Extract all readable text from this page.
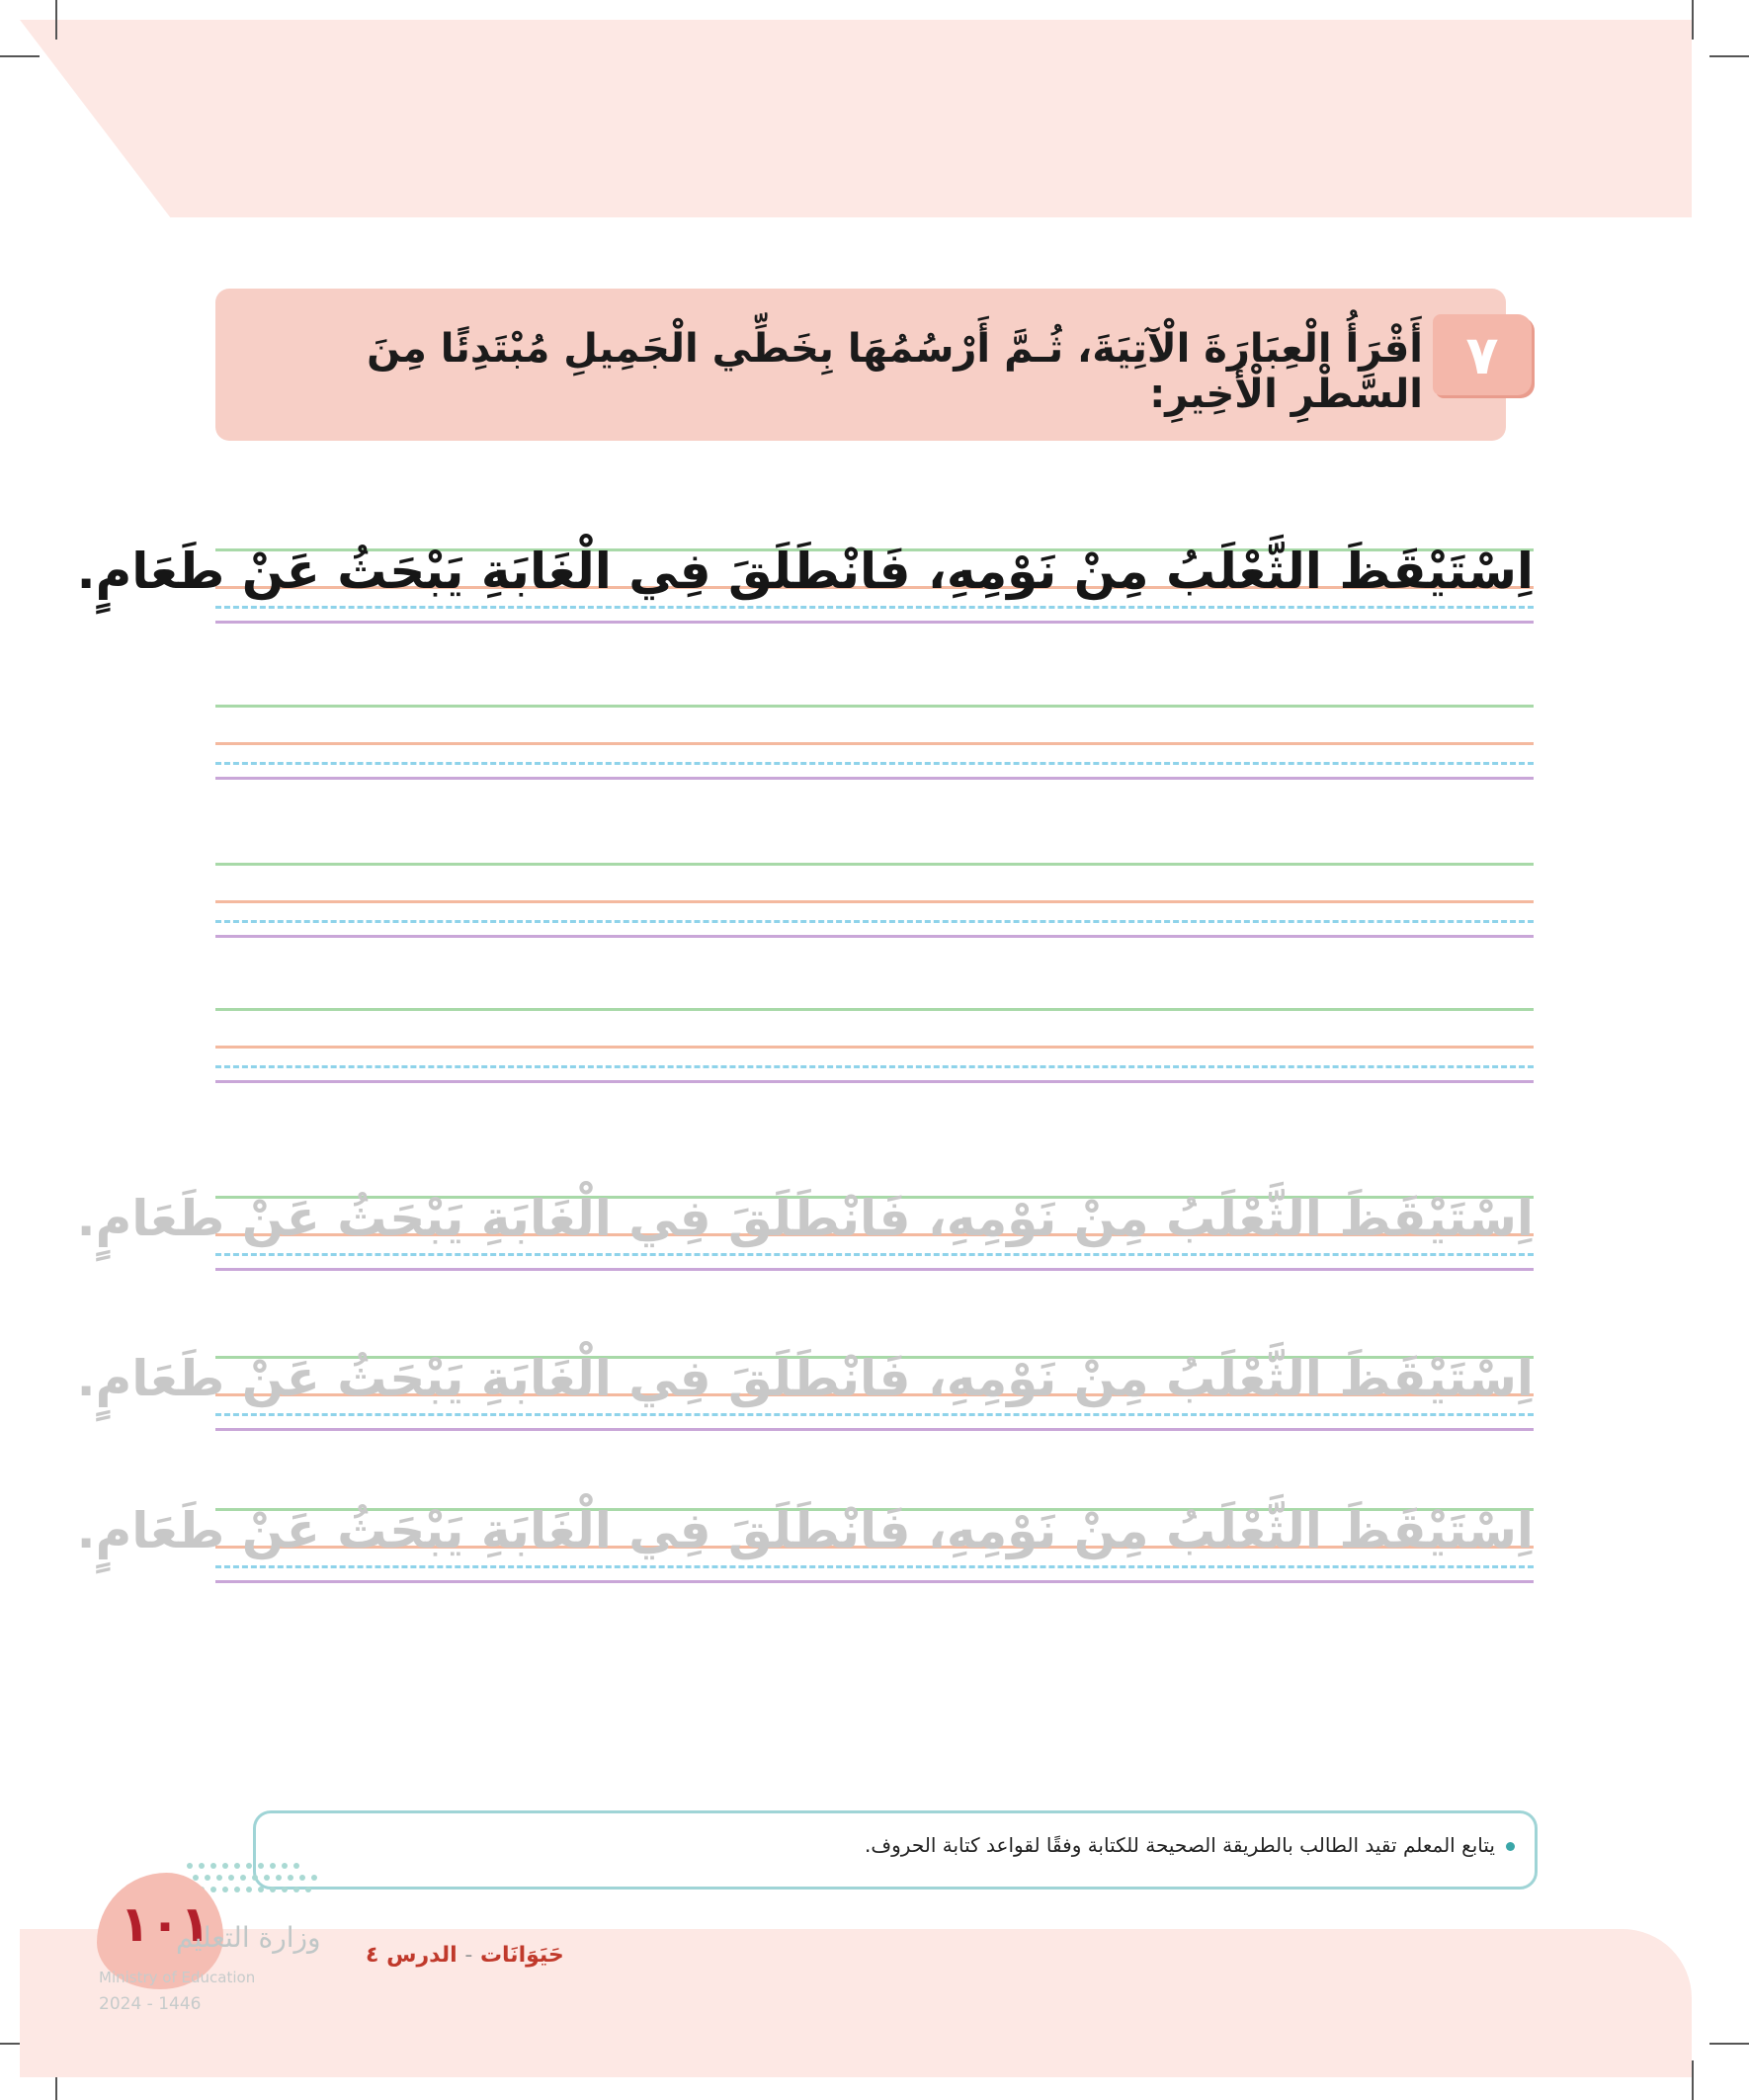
٧
أَقْرَأُ الْعِبَارَةَ الْآتِيَةَ، ثُـمَّ أَرْسُمُهَا بِخَطِّي الْجَمِيلِ مُبْتَدِئًا مِنَ السَّطْرِ الْأَخِيرِ:
اِسْتَيْقَظَ الثَّعْلَبُ مِنْ نَوْمِهِ، فَانْطَلَقَ فِي الْغَابَةِ يَبْحَثُ عَنْ طَعَامٍ.
اِسْتَيْقَظَ الثَّعْلَبُ مِنْ نَوْمِهِ، فَانْطَلَقَ فِي الْغَابَةِ يَبْحَثُ عَنْ طَعَامٍ.
اِسْتَيْقَظَ الثَّعْلَبُ مِنْ نَوْمِهِ، فَانْطَلَقَ فِي الْغَابَةِ يَبْحَثُ عَنْ طَعَامٍ.
اِسْتَيْقَظَ الثَّعْلَبُ مِنْ نَوْمِهِ، فَانْطَلَقَ فِي الْغَابَةِ يَبْحَثُ عَنْ طَعَامٍ.
يتابع المعلم تقيد الطالب بالطريقة الصحيحة للكتابة وفقًا لقواعد كتابة الحروف.
١٠١
وزارة التعليم
Ministry of Education
2024 - 1446
حَيَوَانَات - الدرس ٤
